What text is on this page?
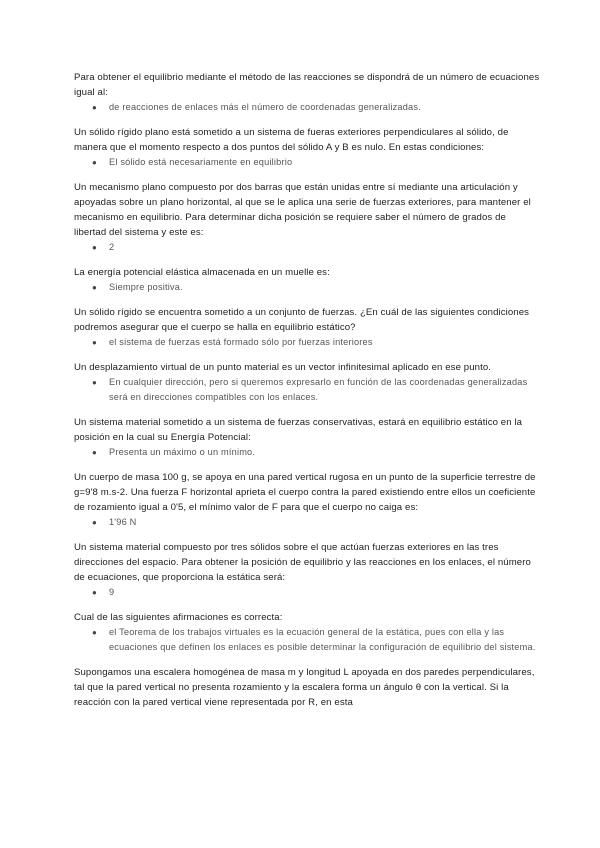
Para obtener el equilibrio mediante el método de las reacciones se dispondrá de un número de ecuaciones igual al:
● de reacciones de enlaces más el número de coordenadas generalizadas.
Un sólido rígido plano está sometido a un sistema de fueras exteriores perpendiculares al sólido, de manera que el momento respecto a dos puntos del sólido A y B es nulo. En estas condiciones:
● El sólido está necesariamente en equilibrio
Un mecanismo plano compuesto por dos barras que están unidas entre sí mediante una articulación y apoyadas sobre un plano horizontal, al que se le aplica una serie de fuerzas exteriores, para mantener el mecanismo en equilibrio. Para determinar dicha posición se requiere saber el número de grados de libertad del sistema y este es:
● 2
La energía potencial elástica almacenada en un muelle es:
● Siempre positiva.
Un sólido rígido se encuentra sometido a un conjunto de fuerzas. ¿En cuál de las siguientes condiciones podremos asegurar que el cuerpo se halla en equilibrio estático?
● el sistema de fuerzas está formado sólo por fuerzas interiores
Un desplazamiento virtual de un punto material es un vector infinitesimal aplicado en ese punto.
● En cualquier dirección, pero si queremos expresarlo en función de las coordenadas generalizadas será en direcciones compatibles con los enlaces.
Un sistema material sometido a un sistema de fuerzas conservativas, estará en equilibrio estático en la posición en la cual su Energía Potencial:
● Presenta un máximo o un mínimo.
Un cuerpo de masa 100 g, se apoya en una pared vertical rugosa en un punto de la superficie terrestre de g=9'8 m.s-2. Una fuerza F horizontal aprieta el cuerpo contra la pared existiendo entre ellos un coeficiente de rozamiento igual a 0'5, el mínimo valor de F para que el cuerpo no caiga es:
● 1'96 N
Un sistema material compuesto por tres sólidos sobre el que actúan fuerzas exteriores en las tres direcciones del espacio. Para obtener la posición de equilibrio y las reacciones en los enlaces, el número de ecuaciones, que proporciona la estática será:
● 9
Cual de las siguientes afirmaciones es correcta:
● el Teorema de los trabajos virtuales es la ecuación general de la estática, pues con ella y las ecuaciones que definen los enlaces es posible determinar la configuración de equilibrio del sistema.
Supongamos una escalera homogénea de masa m y longitud L apoyada en dos paredes perpendiculares, tal que la pared vertical no presenta rozamiento y la escalera forma un ángulo θ con la vertical. Si la reacción con la pared vertical viene representada por R, en esta
